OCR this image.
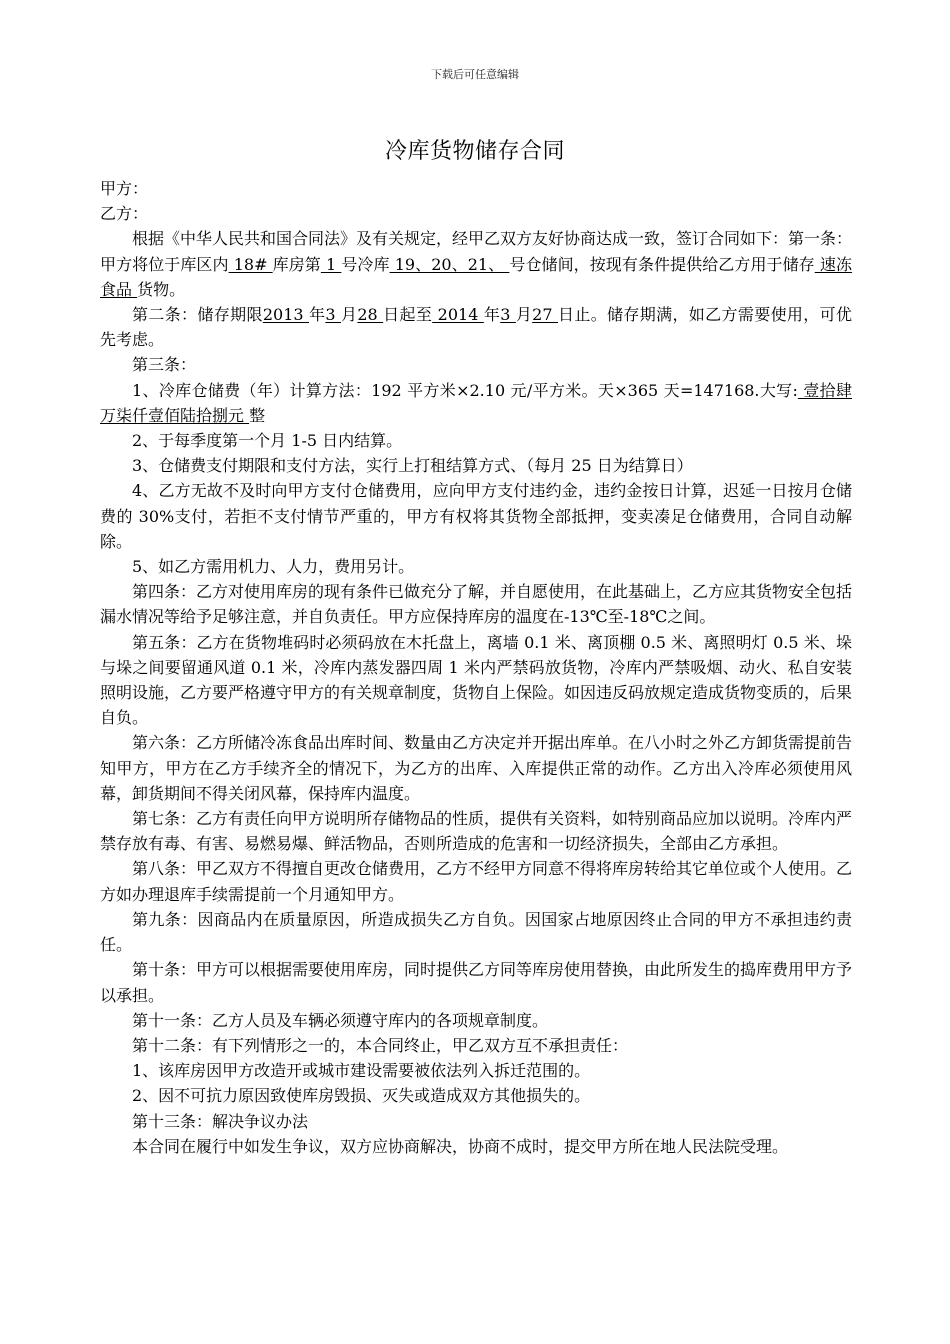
下载后可任意编辑
冷库货物储存合同

甲方：

乙方：

根据《中华人民共和国合同法》及有关规定，经甲乙双方友好协商达成一致，签订合同如下：第一条：甲方将位于库区内 18# 库房第 1 号冷库 19、20、21、 号仓储间，按现有条件提供给乙方用于储存 速冻食品 货物。

第二条：储存期限2013 年3 月28 日起至 2014 年3 月27 日止。储存期满，如乙方需要使用，可优先考虑。

第三条：

1、冷库仓储费（年）计算方法：192 平方米×2.10 元/平方米。天×365 天=147168.大写: 壹拾肆万柒仟壹佰陆拾捌元 整

2、于每季度第一个月 1-5 日内结算。

3、仓储费支付期限和支付方法，实行上打租结算方式、（每月 25 日为结算日）

4、乙方无故不及时向甲方支付仓储费用，应向甲方支付违约金，违约金按日计算，迟延一日按月仓储费的 30%支付，若拒不支付情节严重的，甲方有权将其货物全部抵押，变卖凑足仓储费用，合同自动解除。

5、如乙方需用机力、人力，费用另计。

第四条：乙方对使用库房的现有条件已做充分了解，并自愿使用，在此基础上，乙方应其货物安全包括漏水情况等给予足够注意，并自负责任。甲方应保持库房的温度在-13℃至-18℃之间。

第五条：乙方在货物堆码时必须码放在木托盘上，离墙 0.1 米、离顶棚 0.5 米、离照明灯 0.5 米、垛与垛之间要留通风道 0.1 米，冷库内蒸发器四周 1 米内严禁码放货物，冷库内严禁吸烟、动火、私自安装照明设施，乙方要严格遵守甲方的有关规章制度，货物自上保险。如因违反码放规定造成货物变质的，后果自负。

第六条：乙方所储冷冻食品出库时间、数量由乙方决定并开据出库单。在八小时之外乙方卸货需提前告知甲方，甲方在乙方手续齐全的情况下，为乙方的出库、入库提供正常的动作。乙方出入冷库必须使用风幕，卸货期间不得关闭风幕，保持库内温度。

第七条：乙方有责任向甲方说明所存储物品的性质，提供有关资料，如特别商品应加以说明。冷库内严禁存放有毒、有害、易燃易爆、鲜活物品，否则所造成的危害和一切经济损失，全部由乙方承担。

第八条：甲乙双方不得擅自更改仓储费用，乙方不经甲方同意不得将库房转给其它单位或个人使用。乙方如办理退库手续需提前一个月通知甲方。

第九条：因商品内在质量原因，所造成损失乙方自负。因国家占地原因终止合同的甲方不承担违约责任。

第十条：甲方可以根据需要使用库房，同时提供乙方同等库房使用替换，由此所发生的捣库费用甲方予以承担。

第十一条：乙方人员及车辆必须遵守库内的各项规章制度。

第十二条：有下列情形之一的，本合同终止，甲乙双方互不承担责任：

1、该库房因甲方改造开或城市建设需要被依法列入拆迁范围的。

2、因不可抗力原因致使库房毁损、灭失或造成双方其他损失的。

第十三条：解决争议办法

本合同在履行中如发生争议，双方应协商解决，协商不成时，提交甲方所在地人民法院受理。
